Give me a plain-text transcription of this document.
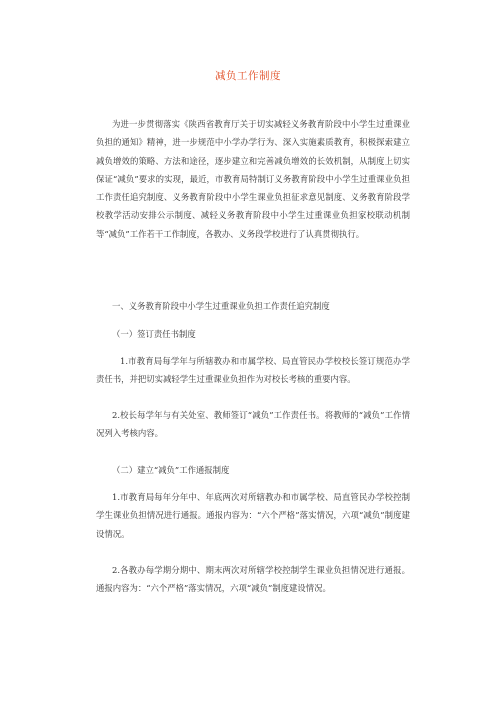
减负工作制度

为进一步贯彻落实《陕西省教育厅关于切实减轻义务教育阶段中小学生过重课业负担的通知》精神，进一步规范中小学办学行为、深入实施素质教育，积极探索建立减负增效的策略、方法和途径，逐步建立和完善减负增效的长效机制，从制度上切实保证“减负”要求的实现，最近，市教育局特制订义务教育阶段中小学生过重课业负担工作责任追究制度、义务教育阶段中小学生课业负担征求意见制度、义务教育阶段学校教学活动安排公示制度、减轻义务教育阶段中小学生过重课业负担家校联动机制等“减负”工作若干工作制度，各教办、义务段学校进行了认真贯彻执行。

一、义务教育阶段中小学生过重课业负担工作责任追究制度

（一）签订责任书制度

1.市教育局每学年与所辖教办和市属学校、局直管民办学校校长签订规范办学责任书，并把切实减轻学生过重课业负担作为对校长考核的重要内容。

2.校长每学年与有关处室、教师签订“减负”工作责任书。将教师的“减负”工作情况列入考核内容。

（二）建立“减负”工作通报制度

1.市教育局每年分年中、年底两次对所辖教办和市属学校、局直管民办学校控制学生课业负担情况进行通报。通报内容为：“六个严格”落实情况，六项“减负”制度建设情况。

2.各教办每学期分期中、期末两次对所辖学校控制学生课业负担情况进行通报。通报内容为：“六个严格”落实情况，六项“减负”制度建设情况。
